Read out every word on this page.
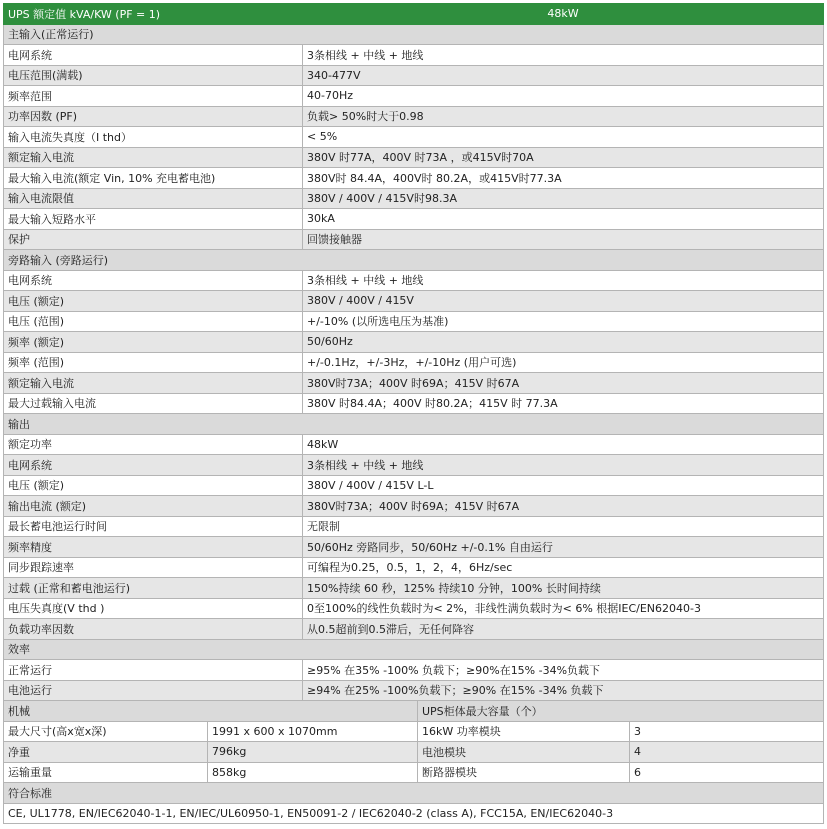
UPS 额定值 kVA/KW (PF = 1)		48kW		
主输入(正常运行)				
电网系统		3条相线 + 中线 + 地线		
电压范围(满载)		340-477V		
频率范围		40-70Hz		
功率因数 (PF)		负载> 50%时大于0.98		
输入电流失真度（I thd）		< 5%		
额定输入电流		380V 时77A，400V 时73A ，或415V时70A		
最大输入电流(额定 Vin, 10% 充电蓄电池)		380V时 84.4A，400V时 80.2A，或415V时77.3A		
输入电流限值		380V / 400V / 415V时98.3A		
最大输入短路水平		30kA		
保护		回馈接触器		
旁路输入 (旁路运行)				
电网系统		3条相线 + 中线 + 地线		
电压 (额定)		380V / 400V / 415V		
电压 (范围)		+/-10% (以所选电压为基准)		
频率 (额定)		50/60Hz		
频率 (范围)		+/-0.1Hz，+/-3Hz，+/-10Hz (用户可选)		
额定输入电流		380V时73A；400V 时69A；415V 时67A		
最大过载输入电流		380V 时84.4A；400V 时80.2A；415V 时 77.3A		
输出				
额定功率		48kW		
电网系统		3条相线 + 中线 + 地线		
电压 (额定)		380V / 400V / 415V L-L		
输出电流 (额定)		380V时73A；400V 时69A；415V 时67A		
最长蓄电池运行时间		无限制		
频率精度		50/60Hz 旁路同步，50/60Hz +/-0.1% 自由运行		
同步跟踪速率		可编程为0.25，0.5，1，2，4，6Hz/sec		
过载 (正常和蓄电池运行)		150%持续 60 秒，125% 持续10 分钟，100% 长时间持续		
电压失真度(V thd )		0至100%的线性负载时为< 2%，非线性满负载时为< 6% 根据IEC/EN62040-3		
负载功率因数		从0.5超前到0.5滞后，无任何降容		
效率				
正常运行		≥95% 在35% -100% 负载下；≥90%在15% -34%负载下		
电池运行		≥94% 在25% -100%负载下；≥90% 在15% -34% 负载下		
机械			UPS柜体最大容量（个）	
最大尺寸(高x宽x深)	1991 x 600 x 1070mm		16kW 功率模块	3
净重	796kg		电池模块	4
运输重量	858kg		断路器模块	6
符合标准				
CE, UL1778, EN/IEC62040-1-1, EN/IEC/UL60950-1, EN50091-2 / IEC62040-2 (class A), FCC15A, EN/IEC62040-3				
